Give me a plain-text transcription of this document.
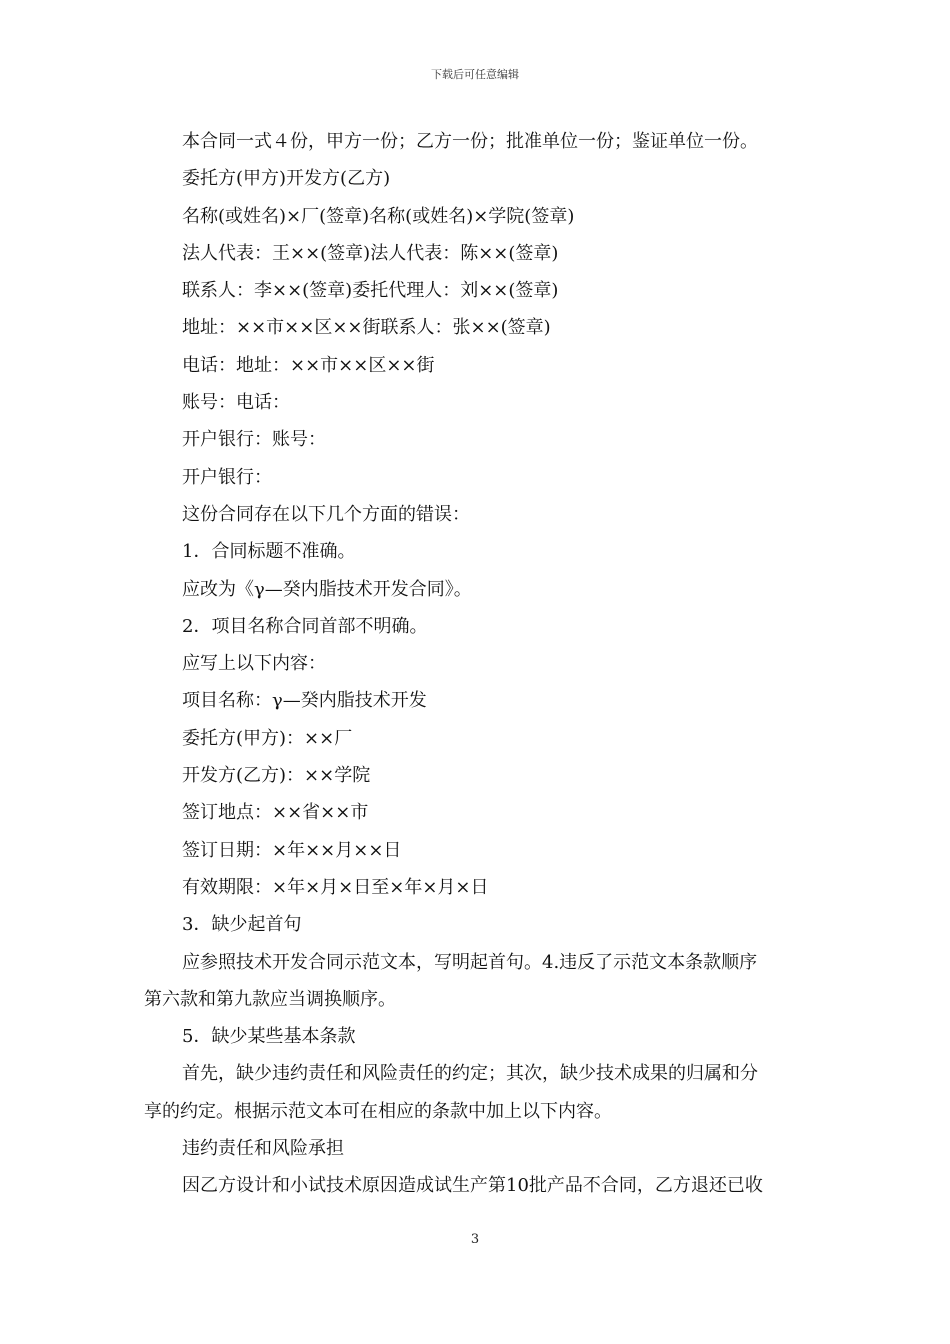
下载后可任意编辑
本合同一式４份，甲方一份；乙方一份；批准单位一份；鉴证单位一份。
委托方(甲方)开发方(乙方)
名称(或姓名)×厂(签章)名称(或姓名)×学院(签章)
法人代表：王××(签章)法人代表：陈××(签章)
联系人：李××(签章)委托代理人：刘××(签章)
地址：××市××区××街联系人：张××(签章)
电话：地址：××市××区××街
账号：电话：
开户银行：账号：
开户银行：
这份合同存在以下几个方面的错误：
1．合同标题不准确。
应改为《γ—癸内脂技术开发合同》。
2．项目名称合同首部不明确。
应写上以下内容：
项目名称：γ—癸内脂技术开发
委托方(甲方)：××厂
开发方(乙方)：××学院
签订地点：××省××市
签订日期：×年××月××日
有效期限：×年×月×日至×年×月×日
3．缺少起首句
应参照技术开发合同示范文本，写明起首句。4.违反了示范文本条款顺序
第六款和第九款应当调换顺序。
5．缺少某些基本条款
首先，缺少违约责任和风险责任的约定；其次，缺少技术成果的归属和分
享的约定。根据示范文本可在相应的条款中加上以下内容。
违约责任和风险承担
因乙方设计和小试技术原因造成试生产第10批产品不合同，乙方退还已收
3
